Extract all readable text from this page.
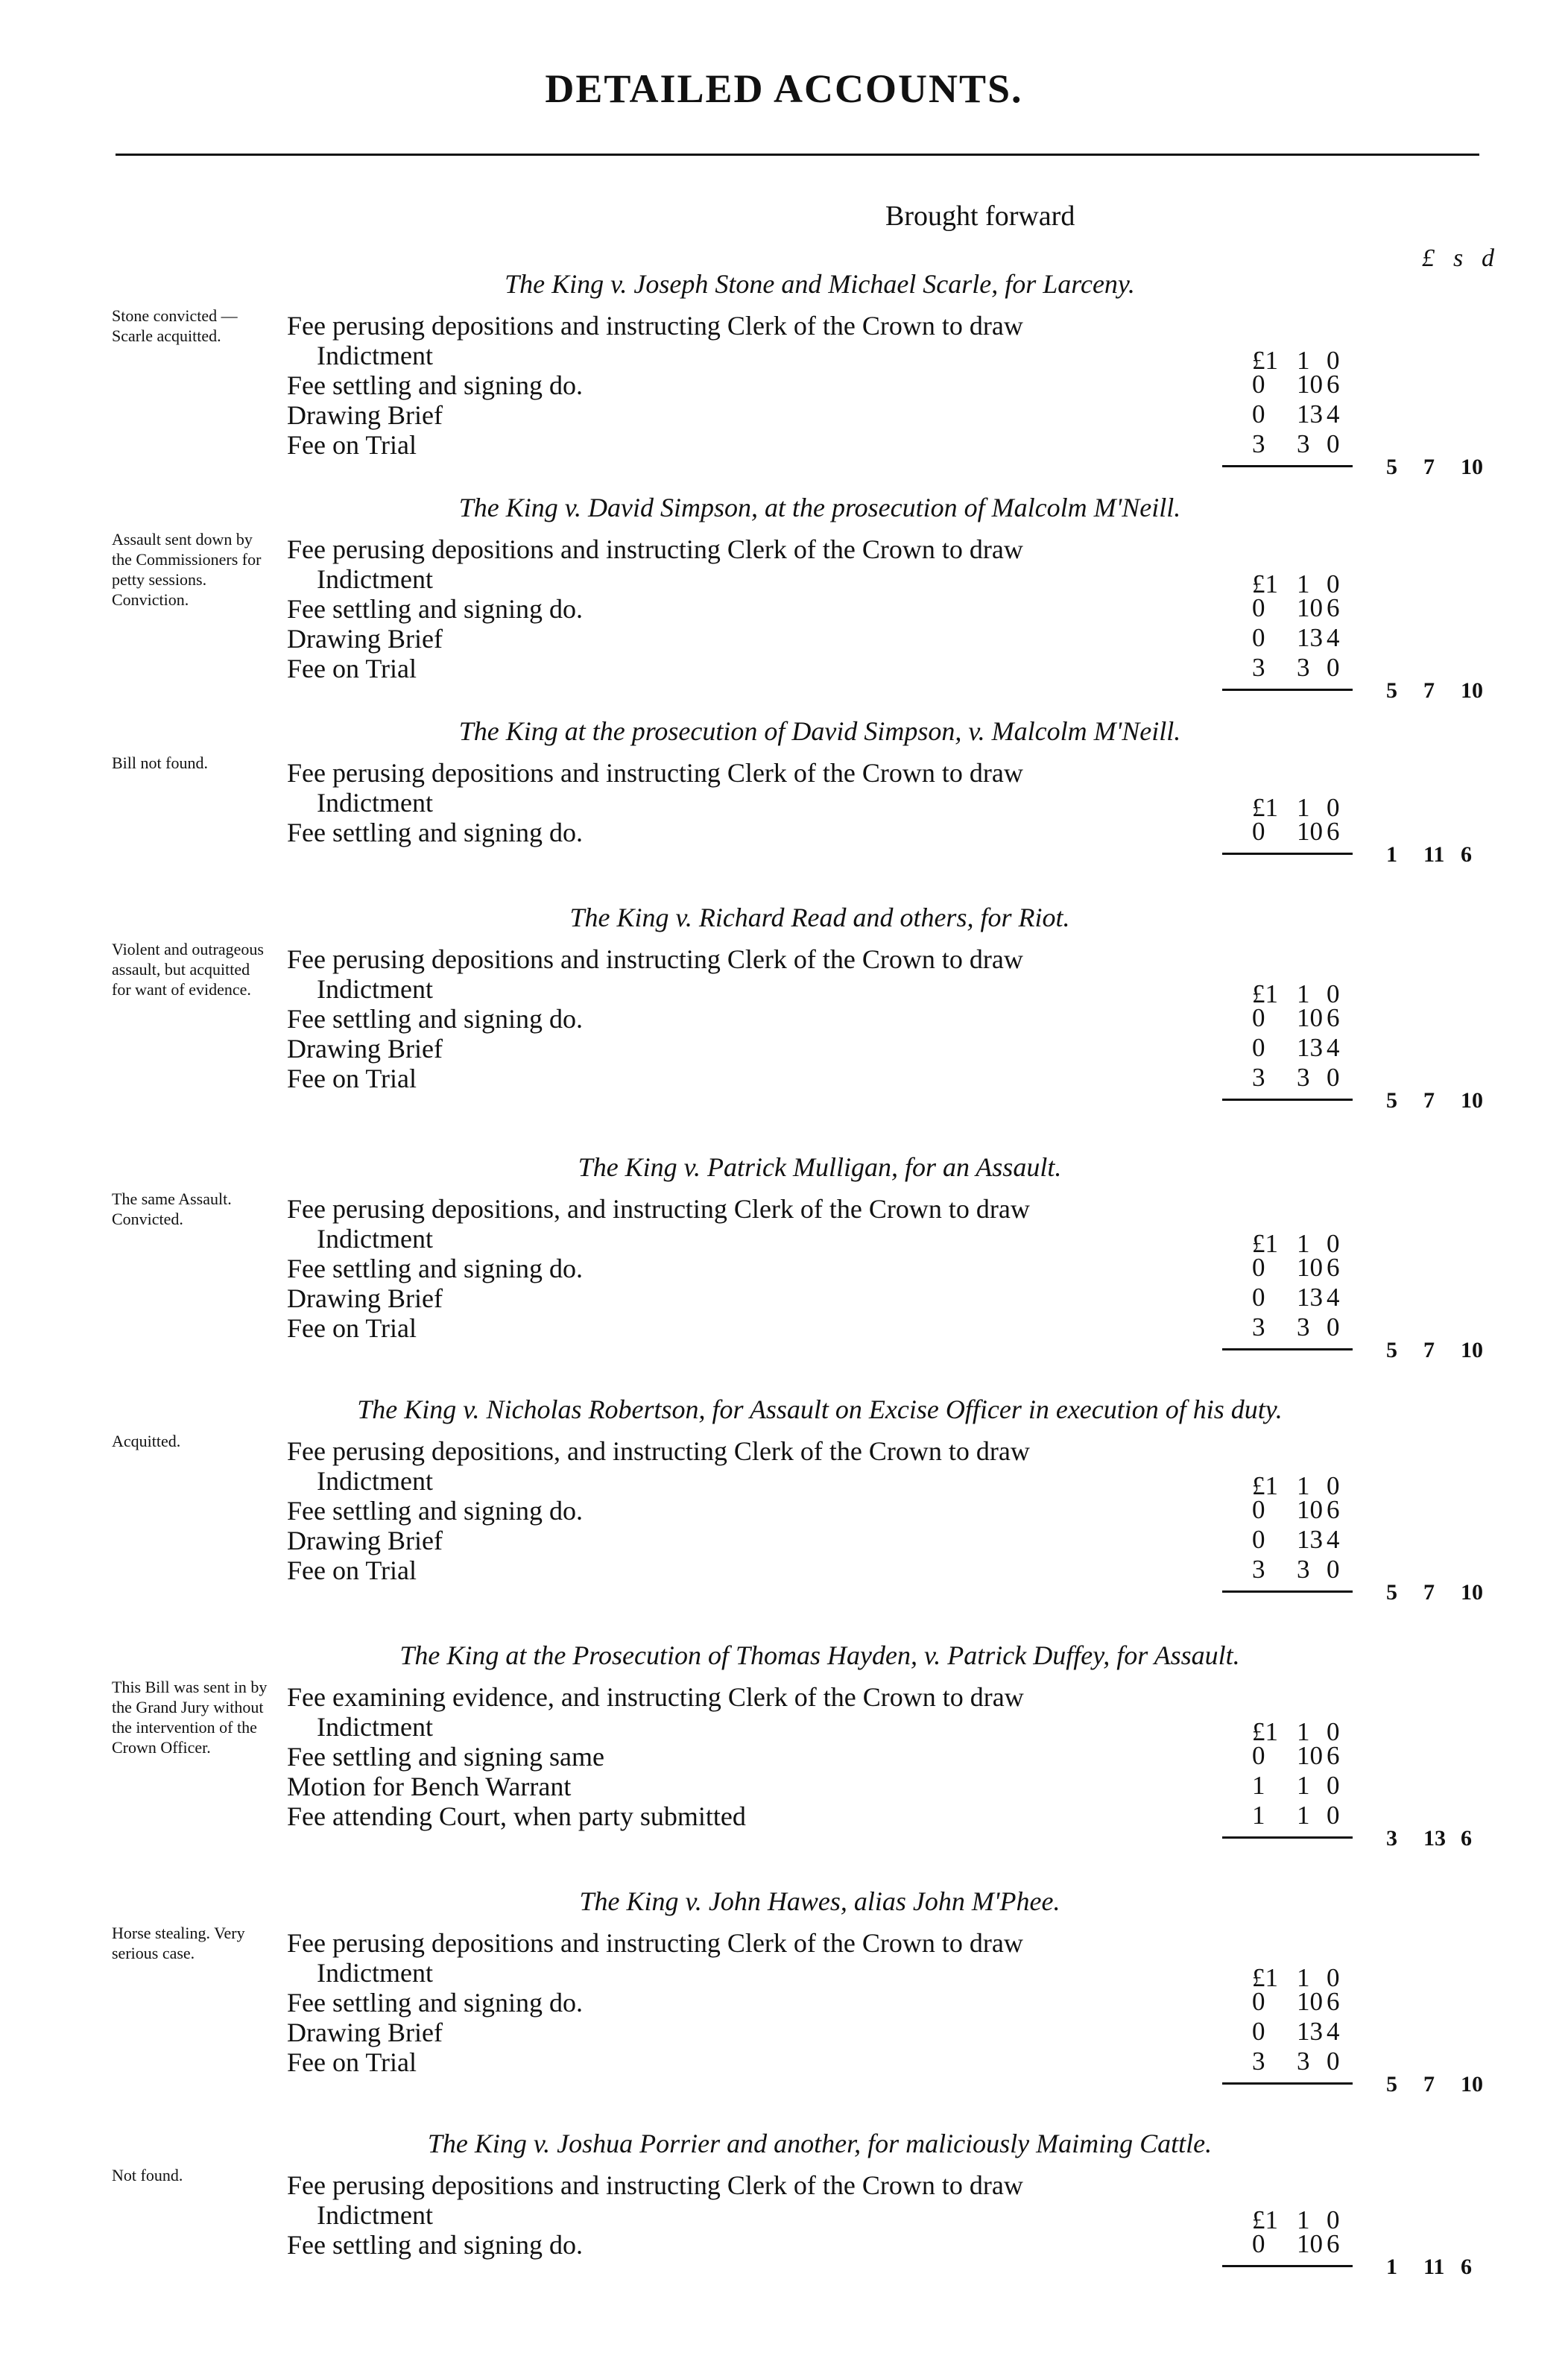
DETAILED ACCOUNTS.
Brought forward
£ s d
The King v. Joseph Stone and Michael Scarle, for Larceny.
Stone convicted —Scarle acquitted.	Fee perusing depositions and instructing Clerk of the Crown to draw
Indictment	£1 1 0
Fee settling and signing do.	0 10 6
Drawing Brief	0 13 4
Fee on Trial	3 3 0
5 7 10
The King v. David Simpson, at the prosecution of Malcolm M'Neill.
Assault sent down by the Commissioners for petty sessions. Conviction.
Fee perusing depositions and instructing Clerk of the Crown to draw
Indictment	£1 1 0
Fee settling and signing do.	0 10 6
Drawing Brief	0 13 4
Fee on Trial	3 3 0
5 7 10
The King at the prosecution of David Simpson, v. Malcolm M'Neill.
Bill not found.	Fee perusing depositions and instructing Clerk of the Crown to draw
Indictment	£1 1 0
Fee settling and signing do.	0 10 6
1 11 6
The King v. Richard Read and others, for Riot.
Violent and outrageous assault, but acquitted for want of evidence.
Fee perusing depositions and instructing Clerk of the Crown to draw
Indictment	£1 1 0
Fee settling and signing do.	0 10 6
Drawing Brief	0 13 4
Fee on Trial	3 3 0
5 7 10
The King v. Patrick Mulligan, for an Assault.
The same Assault. Convicted.	Fee perusing depositions, and instructing Clerk of the Crown to draw
Indictment	£1 1 0
Fee settling and signing do.	0 10 6
Drawing Brief	0 13 4
Fee on Trial	3 3 0
5 7 10
The King v. Nicholas Robertson, for Assault on Excise Officer in execution of his duty.
Acquitted.	Fee perusing depositions, and instructing Clerk of the Crown to draw
Indictment	£1 1 0
Fee settling and signing do.	0 10 6
Drawing Brief	0 13 4
Fee on Trial	3 3 0
5 7 10
The King at the Prosecution of Thomas Hayden, v. Patrick Duffey, for Assault.
This Bill was sent in by the Grand Jury without the intervention of the Crown Officer.
Fee examining evidence, and instructing Clerk of the Crown to draw
Indictment	£1 1 0
Fee settling and signing same	0 10 6
Motion for Bench Warrant	1 1 0
Fee attending Court, when party submitted	1 1 0
3 13 6
The King v. John Hawes, alias John M'Phee.
Horse stealing. Very serious case.	Fee perusing depositions and instructing Clerk of the Crown to draw
Indictment	£1 1 0
Fee settling and signing do.	0 10 6
Drawing Brief	0 13 4
Fee on Trial	3 3 0
5 7 10
The King v. Joshua Porrier and another, for maliciously Maiming Cattle.
Not found.	Fee perusing depositions and instructing Clerk of the Crown to draw
Indictment	£1 1 0
Fee settling and signing do.	0 10 6
1 11 6
